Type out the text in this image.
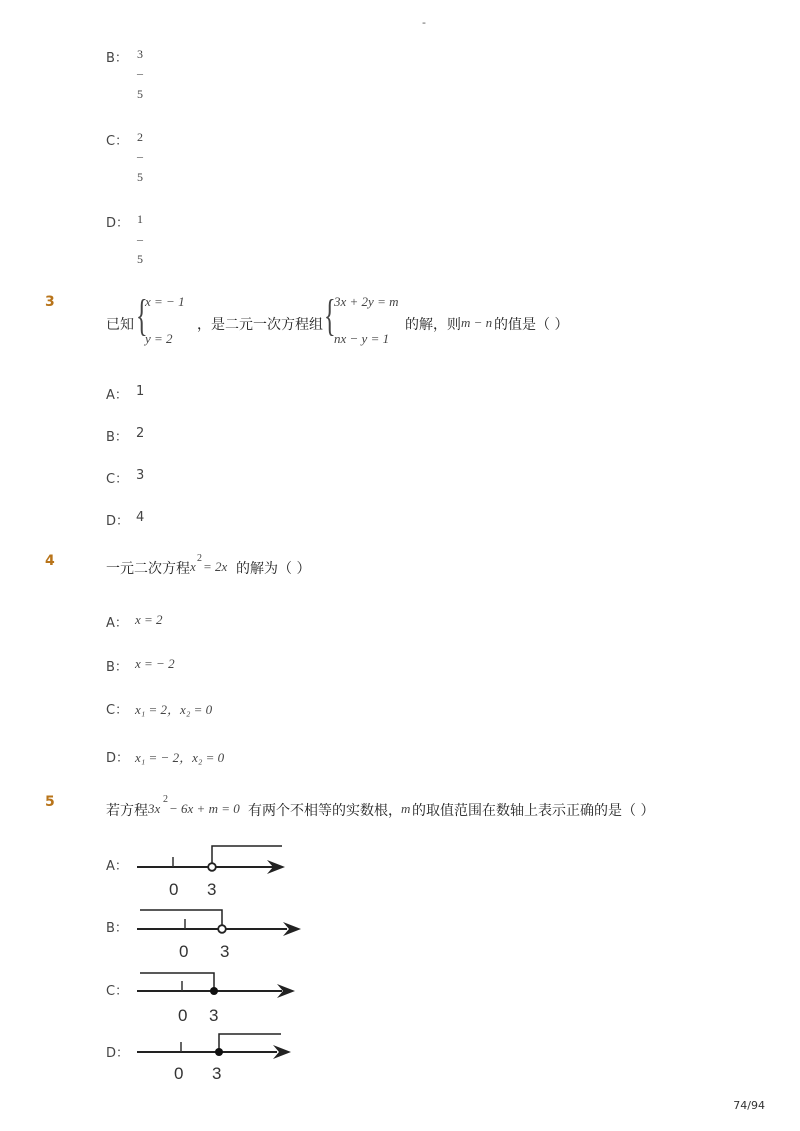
-
B： 3
–
5
C： 2
–
5
D： 1
–
5
3
已知 {
x = − 1
y = 2
，是二元一次方程组 {
3x + 2y = m
nx − y = 1
的解，则 m − n 的值是（ ）
A： 1
B： 2
C： 3
D： 4
4	一元二次方程 x
2
= 2x 的解为（ ）
A： x = 2
B： x = − 2
C： x₁ = 2，x₂ = 0
D： x₁ = − 2，x₂ = 0
5
若方程 3x
2
− 6x + m = 0 有两个不相等的实数根， m 的取值范围在数轴上表示正确的是（ ）
A：
0 3
B：
0 3
C：
0 3
D：
0 3
74/94
